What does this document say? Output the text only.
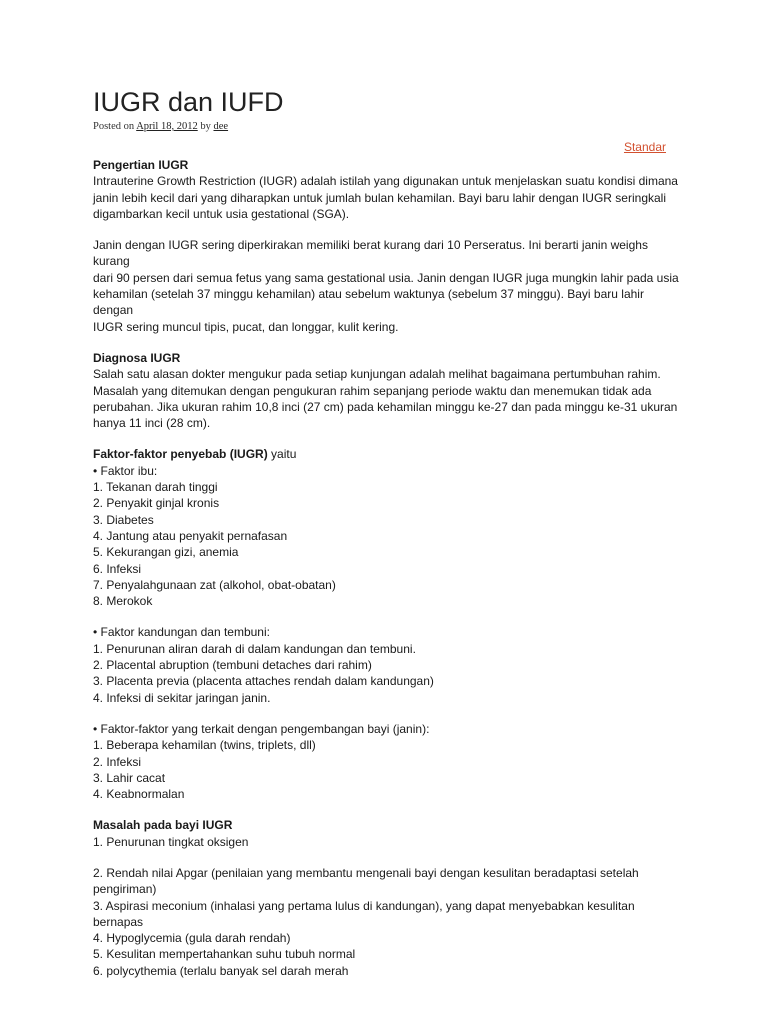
IUGR dan IUFD
Posted on April 18, 2012 by dee
Standar

Pengertian IUGR

Intrauterine Growth Restriction (IUGR) adalah istilah yang digunakan untuk menjelaskan suatu kondisi dimana

janin lebih kecil dari yang diharapkan untuk jumlah bulan kehamilan. Bayi baru lahir dengan IUGR seringkali

digambarkan kecil untuk usia gestational (SGA).

Janin dengan IUGR sering diperkirakan memiliki berat kurang dari 10 Perseratus. Ini berarti janin weighs kurang

dari 90 persen dari semua fetus yang sama gestational usia. Janin dengan IUGR juga mungkin lahir pada usia

kehamilan (setelah 37 minggu kehamilan) atau sebelum waktunya (sebelum 37 minggu). Bayi baru lahir dengan

IUGR sering muncul tipis, pucat, dan longgar, kulit kering.

Diagnosa IUGR

Salah satu alasan dokter mengukur pada setiap kunjungan adalah melihat bagaimana pertumbuhan rahim.

Masalah yang ditemukan dengan pengukuran rahim sepanjang periode waktu dan menemukan tidak ada

perubahan. Jika ukuran rahim 10,8 inci (27 cm) pada kehamilan minggu ke-27 dan pada minggu ke-31 ukuran

hanya 11 inci (28 cm).

Faktor-faktor penyebab (IUGR) yaitu

• Faktor ibu:

1. Tekanan darah tinggi

2. Penyakit ginjal kronis

3. Diabetes

4. Jantung atau penyakit pernafasan

5. Kekurangan gizi, anemia

6. Infeksi

7. Penyalahgunaan zat (alkohol, obat-obatan)

8. Merokok

• Faktor kandungan dan tembuni:

1. Penurunan aliran darah di dalam kandungan dan tembuni.

2. Placental abruption (tembuni detaches dari rahim)

3. Placenta previa (placenta attaches rendah dalam kandungan)

4. Infeksi di sekitar jaringan janin.

• Faktor-faktor yang terkait dengan pengembangan bayi (janin):

1. Beberapa kehamilan (twins, triplets, dll)

2. Infeksi

3. Lahir cacat

4. Keabnormalan

Masalah pada bayi IUGR

1. Penurunan tingkat oksigen

2. Rendah nilai Apgar (penilaian yang membantu mengenali bayi dengan kesulitan beradaptasi setelah

pengiriman)

3. Aspirasi meconium (inhalasi yang pertama lulus di kandungan), yang dapat menyebabkan kesulitan bernapas

4. Hypoglycemia (gula darah rendah)

5. Kesulitan mempertahankan suhu tubuh normal

6. polycythemia (terlalu banyak sel darah merah
